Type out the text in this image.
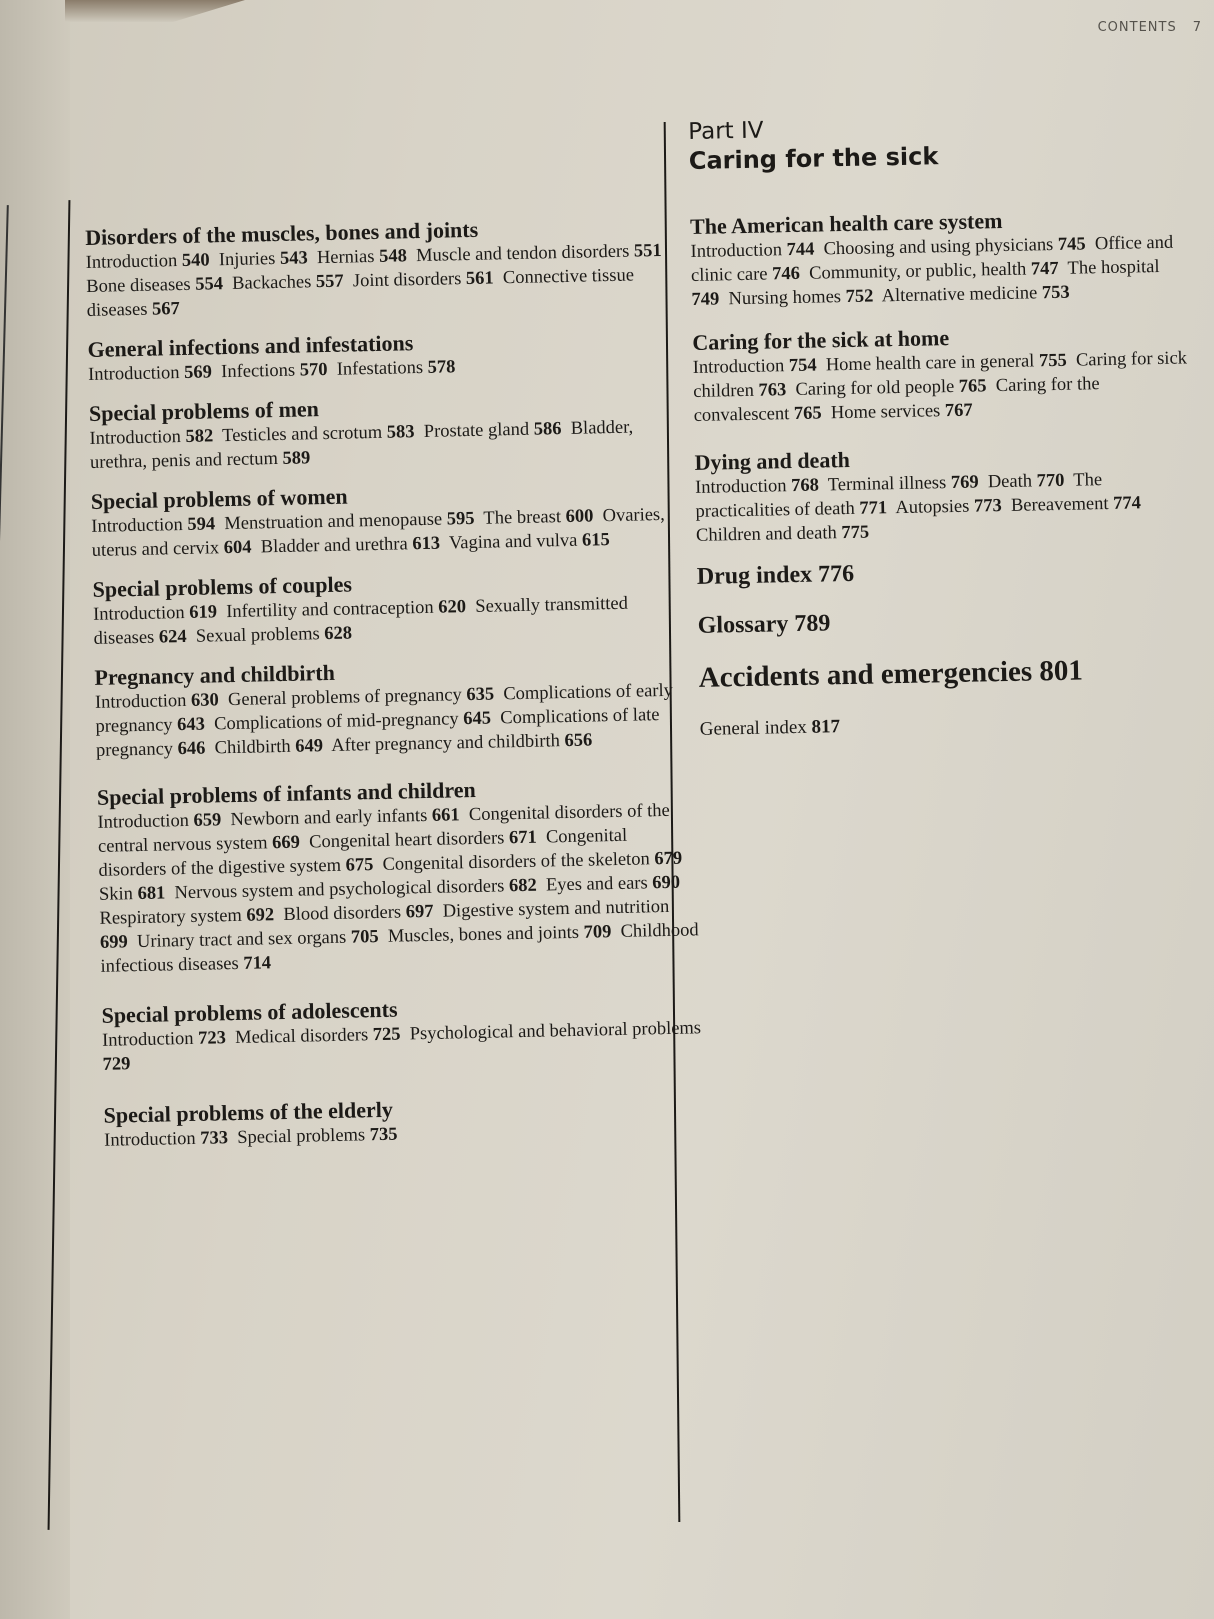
CONTENTS 7
Disorders of the muscles, bones and joints
Introduction 540 Injuries 543 Hernias 548 Muscle and tendon disorders 551  Bone diseases 554 Backaches 557 Joint disorders 561 Connective tissue diseases 567
General infections and infestations
Introduction 569 Infections 570 Infestations 578
Special problems of men
Introduction 582 Testicles and scrotum 583 Prostate gland 586 Bladder, urethra, penis and rectum 589
Special problems of women
Introduction 594 Menstruation and menopause 595 The breast 600 Ovaries, uterus and cervix 604 Bladder and urethra 613 Vagina and vulva 615
Special problems of couples
Introduction 619 Infertility and contraception 620 Sexually transmitted diseases 624 Sexual problems 628
Pregnancy and childbirth
Introduction 630 General problems of pregnancy 635 Complications of early pregnancy 643 Complications of mid-pregnancy 645 Complications of late pregnancy 646 Childbirth 649 After pregnancy and childbirth 656
Special problems of infants and children
Introduction 659 Newborn and early infants 661 Congenital disorders of the central nervous system 669 Congenital heart disorders 671 Congenital disorders of the digestive system 675 Congenital disorders of the skeleton 679  Skin 681 Nervous system and psychological disorders 682 Eyes and ears 690  Respiratory system 692 Blood disorders 697 Digestive system and nutrition 699 Urinary tract and sex organs 705 Muscles, bones and joints 709 Childhood infectious diseases 714
Special problems of adolescents
Introduction 723 Medical disorders 725 Psychological and behavioral problems 729
Special problems of the elderly
Introduction 733 Special problems 735
Part IV
Caring for the sick
The American health care system
Introduction 744 Choosing and using physicians 745 Office and clinic care 746 Community, or public, health 747 The hospital 749 Nursing homes 752 Alternative medicine 753
Caring for the sick at home
Introduction 754 Home health care in general 755 Caring for sick children 763 Caring for old people 765 Caring for the convalescent 765 Home services 767
Dying and death
Introduction 768 Terminal illness 769 Death 770 The practicalities of death 771 Autopsies 773 Bereavement 774  Children and death 775
Drug index 776
Glossary 789
Accidents and emergencies 801
General index 817
